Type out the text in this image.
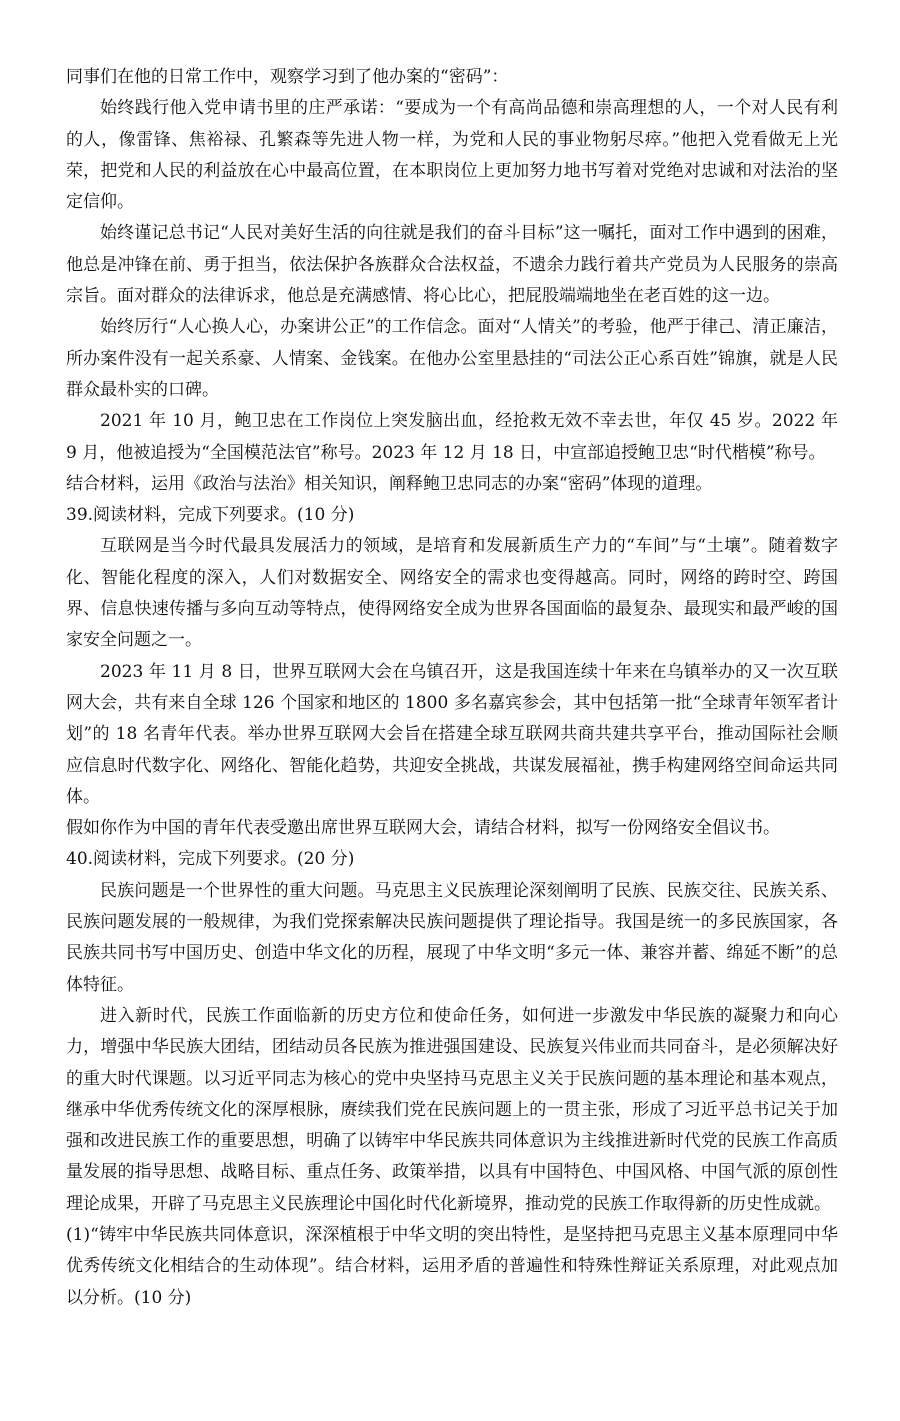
同事们在他的日常工作中，观察学习到了他办案的“密码”：

始终践行他入党申请书里的庄严承诺：“要成为一个有高尚品德和崇高理想的人，一个对人民有利的人，像雷锋、焦裕禄、孔繁森等先进人物一样，为党和人民的事业物躬尽瘁。”他把入党看做无上光荣，把党和人民的利益放在心中最高位置，在本职岗位上更加努力地书写着对党绝对忠诚和对法治的坚定信仰。

始终谨记总书记“人民对美好生活的向往就是我们的奋斗目标”这一嘱托，面对工作中遇到的困难，他总是冲锋在前、勇于担当，依法保护各族群众合法权益，不遗余力践行着共产党员为人民服务的崇高宗旨。面对群众的法律诉求，他总是充满感情、将心比心，把屁股端端地坐在老百姓的这一边。

始终厉行“人心换人心，办案讲公正”的工作信念。面对“人情关”的考验，他严于律己、清正廉洁，所办案件没有一起关系豪、人情案、金钱案。在他办公室里悬挂的“司法公正心系百姓”锦旗，就是人民群众最朴实的口碑。

2021 年 10 月，鲍卫忠在工作岗位上突发脑出血，经抢救无效不幸去世，年仅 45 岁。2022 年 9 月，他被追授为“全国模范法官”称号。2023 年 12 月 18 日，中宣部追授鲍卫忠“时代楷模”称号。

结合材料，运用《政治与法治》相关知识，阐释鲍卫忠同志的办案“密码”体现的道理。

39.阅读材料，完成下列要求。(10 分)

互联网是当今时代最具发展活力的领域，是培育和发展新质生产力的“车间”与“土壤”。随着数字化、智能化程度的深入，人们对数据安全、网络安全的需求也变得越高。同时，网络的跨时空、跨国界、信息快速传播与多向互动等特点，使得网络安全成为世界各国面临的最复杂、最现实和最严峻的国家安全问题之一。

2023 年 11 月 8 日，世界互联网大会在乌镇召开，这是我国连续十年来在乌镇举办的又一次互联网大会，共有来自全球 126 个国家和地区的 1800 多名嘉宾参会，其中包括第一批“全球青年领军者计划”的 18 名青年代表。举办世界互联网大会旨在搭建全球互联网共商共建共享平台，推动国际社会顺应信息时代数字化、网络化、智能化趋势，共迎安全挑战，共谋发展福祉，携手构建网络空间命运共同体。

假如你作为中国的青年代表受邀出席世界互联网大会，请结合材料，拟写一份网络安全倡议书。

40.阅读材料，完成下列要求。(20 分)

民族问题是一个世界性的重大问题。马克思主义民族理论深刻阐明了民族、民族交往、民族关系、民族问题发展的一般规律，为我们党探索解决民族问题提供了理论指导。我国是统一的多民族国家，各民族共同书写中国历史、创造中华文化的历程，展现了中华文明“多元一体、兼容并蓄、绵延不断”的总体特征。

进入新时代，民族工作面临新的历史方位和使命任务，如何进一步激发中华民族的凝聚力和向心力，增强中华民族大团结，团结动员各民族为推进强国建设、民族复兴伟业而共同奋斗，是必须解决好的重大时代课题。以习近平同志为核心的党中央坚持马克思主义关于民族问题的基本理论和基本观点，继承中华优秀传统文化的深厚根脉，赓续我们党在民族问题上的一贯主张，形成了习近平总书记关于加强和改进民族工作的重要思想，明确了以铸牢中华民族共同体意识为主线推进新时代党的民族工作高质量发展的指导思想、战略目标、重点任务、政策举措，以具有中国特色、中国风格、中国气派的原创性理论成果，开辟了马克思主义民族理论中国化时代化新境界，推动党的民族工作取得新的历史性成就。

(1)“铸牢中华民族共同体意识，深深植根于中华文明的突出特性，是坚持把马克思主义基本原理同中华优秀传统文化相结合的生动体现”。结合材料，运用矛盾的普遍性和特殊性辩证关系原理，对此观点加以分析。(10 分)
